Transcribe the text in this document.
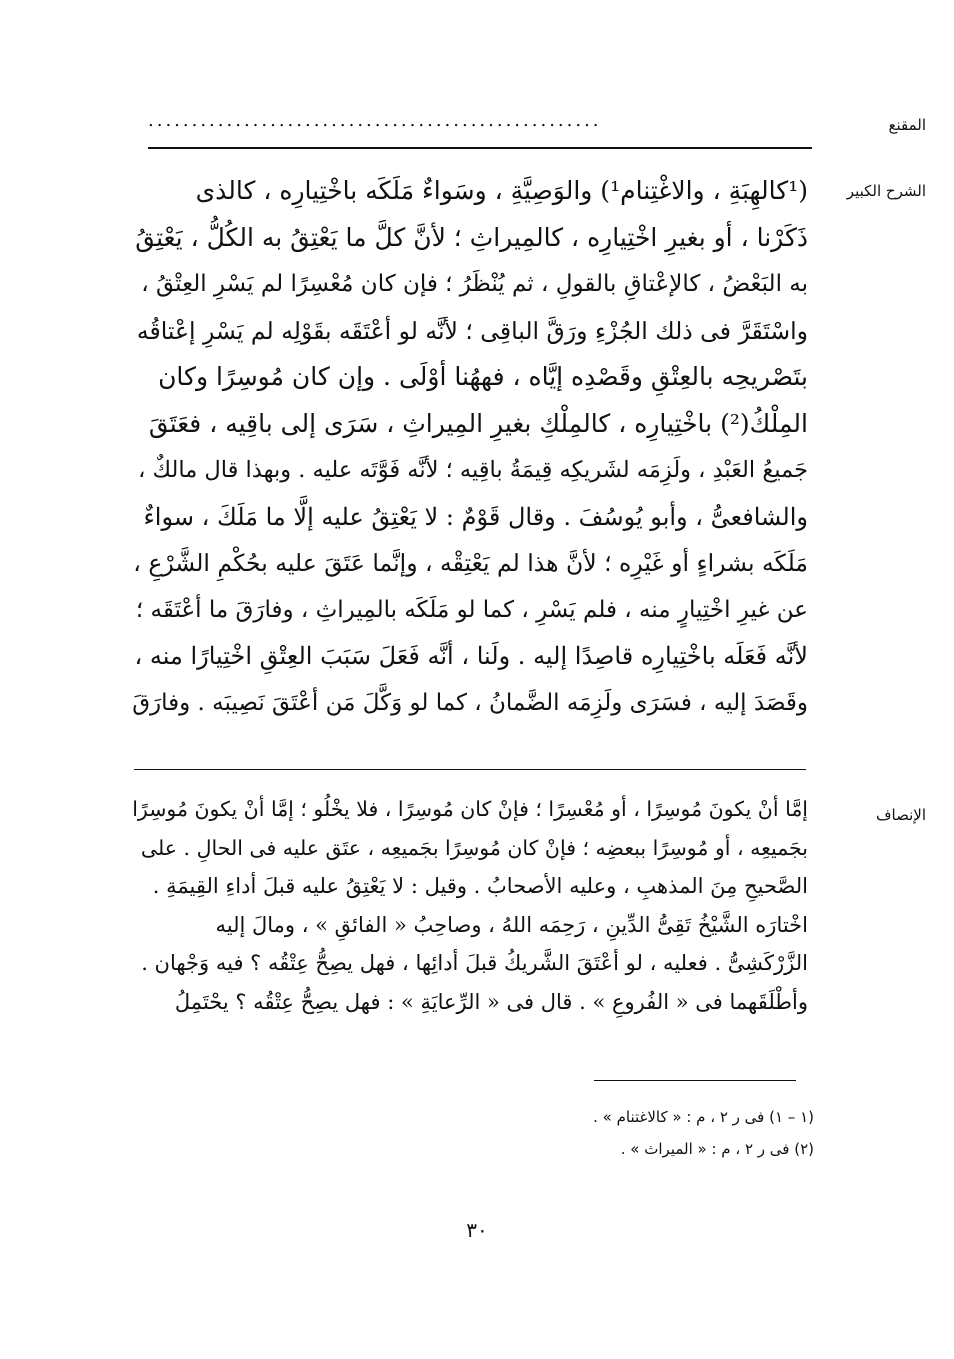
المقنع
....................................................
الشرح الكبير
(¹كالهِبَةِ ، والاغْتِنام¹) والوَصِيَّةِ ، وسَواءٌ مَلَكَه باخْتِيارِه ، كالذى
ذَكَرْنا ، أو بغيرِ اخْتِيارِه ، كالمِيراثِ ؛ لأنَّ كلَّ ما يَعْتِقُ به الكُلُّ ، يَعْتِقُ
به البَعْضُ ، كالإعْتاقِ بالقولِ ، ثم يُنْظَرُ ؛ فإن كان مُعْسِرًا لم يَسْرِ العِتْقُ ،
واسْتَقَرَّ فى ذلك الجُزْءِ ورَقَّ الباقِى ؛ لأنَّه لو أعْتَقَه بقَوْلِه لم يَسْرِ إعْتاقُه
بتَصْريحِه بالعِتْقِ وقَصْدِه إيَّاه ، فههُنا أوْلَى . وإن كان مُوسِرًا وكان
المِلْكُ(²) باخْتِيارِه ، كالمِلْكِ بغيرِ المِيراثِ ، سَرَى إلى باقِيه ، فعَتَقَ
جَميعُ العَبْدِ ، ولَزِمَه لشَريكِه قِيمَةُ باقِيه ؛ لأنَّه فَوَّتَه عليه . وبهذا قال مالكٌ ،
والشافعىُّ ، وأبو يُوسُفَ . وقال قَوْمٌ : لا يَعْتِقُ عليه إلَّا ما مَلَكَ ، سواءٌ
مَلَكَه بشراءٍ أو غَيْرِه ؛ لأنَّ هذا لم يَعْتِقْه ، وإنَّما عَتَقَ عليه بحُكْمِ الشَّرْعِ ،
عن غيرِ اخْتِيارٍ منه ، فلم يَسْرِ ، كما لو مَلَكَه بالمِيراثِ ، وفارَقَ ما أعْتَقَه ؛
لأنَّه فَعَلَه باخْتِيارِه قاصِدًا إليه . ولَنا ، أنَّه فَعَلَ سَبَبَ العِتْقِ اخْتِيارًا منه ،
وقَصَدَ إليه ، فسَرَى ولَزِمَه الضَّمانُ ، كما لو وَكَّلَ مَن أعْتَقَ نَصِيبَه . وفارَقَ
الإنصاف
إمَّا أنْ يكونَ مُوسِرًا ، أو مُعْسِرًا ؛ فإنْ كان مُوسِرًا ، فلا يخْلُو ؛ إمَّا أنْ يكونَ مُوسِرًا
بجَميعِه ، أو مُوسِرًا ببعضِه ؛ فإنْ كان مُوسِرًا بجَميعِه ، عتَق عليه فى الحالِ . على
الصَّحيحِ مِنَ المذهبِ ، وعليه الأصحابُ . وقيل : لا يَعْتِقُ عليه قبلَ أداءِ القِيمَةِ .
اخْتارَه الشَّيْخُ تَقِىُّ الدِّينِ ، رَحِمَه اللهُ ، وصاحِبُ « الفائقِ » ، ومالَ إليه
الزَّرْكَشِىُّ . فعليه ، لو أعْتَقَ الشَّريكُ قبلَ أدائِها ، فهل يصِحُّ عِتْقُه ؟ فيه وَجْهان .
وأطْلَقَهما فى « الفُروعِ » . قال فى « الرِّعايَةِ » : فهل يصِحُّ عِتْقُه ؟ يحْتَمِلُ
(١ – ١) فى ر ٢ ، م : « كالاغتنام » .
(٢) فى ر ٢ ، م : « الميراث » .
٣٠
